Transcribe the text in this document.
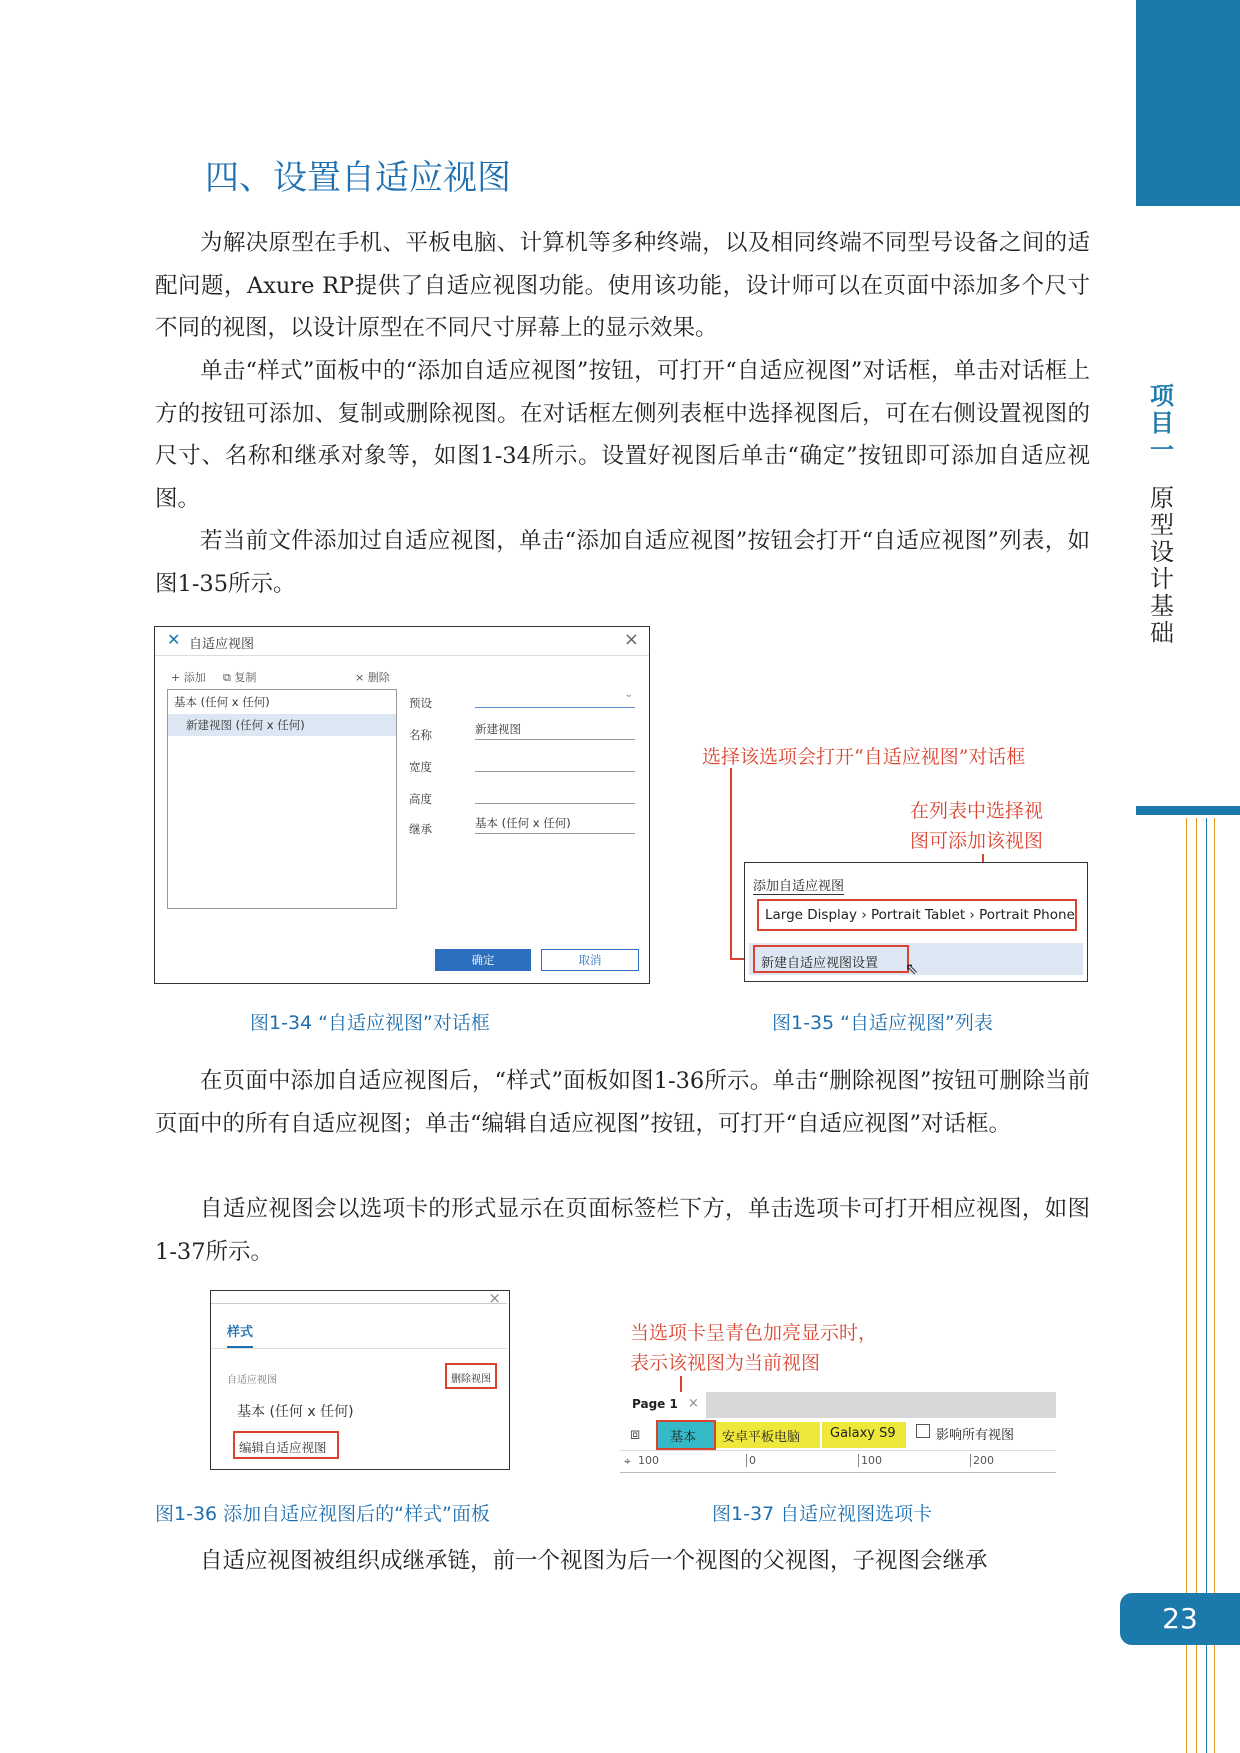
项
目
一
原
型
设
计
基
础
23
四、设置自适应视图

为解决原型在手机、平板电脑、计算机等多种终端，以及相同终端不同型号设备之间的适配问题，Axure RP提供了自适应视图功能。使用该功能，设计师可以在页面中添加多个尺寸不同的视图，以设计原型在不同尺寸屏幕上的显示效果。

单击“样式”面板中的“添加自适应视图”按钮，可打开“自适应视图”对话框，单击对话框上方的按钮可添加、复制或删除视图。在对话框左侧列表框中选择视图后，可在右侧设置视图的尺寸、名称和继承对象等，如图1-34所示。设置好视图后单击“确定”按钮即可添加自适应视图。

若当前文件添加过自适应视图，单击“添加自适应视图”按钮会打开“自适应视图”列表，如图1-35所示。

✕ 自适应视图	×
+ 添加 ⧉ 复制	× 删除
基本 (任何 x 任何)
新建视图 (任何 x 任何)
预设
⌄
名称	新建视图
宽度
高度
继承	基本 (任何 x 任何)
确定	取消
图1-34 “自适应视图”对话框
选择该选项会打开“自适应视图”对话框
在列表中选择视
图可添加该视图
添加自适应视图
Large Display › Portrait Tablet › Portrait Phone
新建自适应视图设置 ⇖
图1-35 “自适应视图”列表

在页面中添加自适应视图后，“样式”面板如图1-36所示。单击“删除视图”按钮可删除当前页面中的所有自适应视图；单击“编辑自适应视图”按钮，可打开“自适应视图”对话框。

自适应视图会以选项卡的形式显示在页面标签栏下方，单击选项卡可打开相应视图，如图1-37所示。

×
样式
自适应视图	删除视图
基本 (任何 x 任何)
编辑自适应视图
图1-36 添加自适应视图后的“样式”面板
当选项卡呈青色加亮显示时，
表示该视图为当前视图
Page 1 ×
⧈ 基本 安卓平板电脑 Galaxy S9	影响所有视图
⌖ 100	0	100	200
图1-37 自适应视图选项卡

自适应视图被组织成继承链，前一个视图为后一个视图的父视图，子视图会继承
